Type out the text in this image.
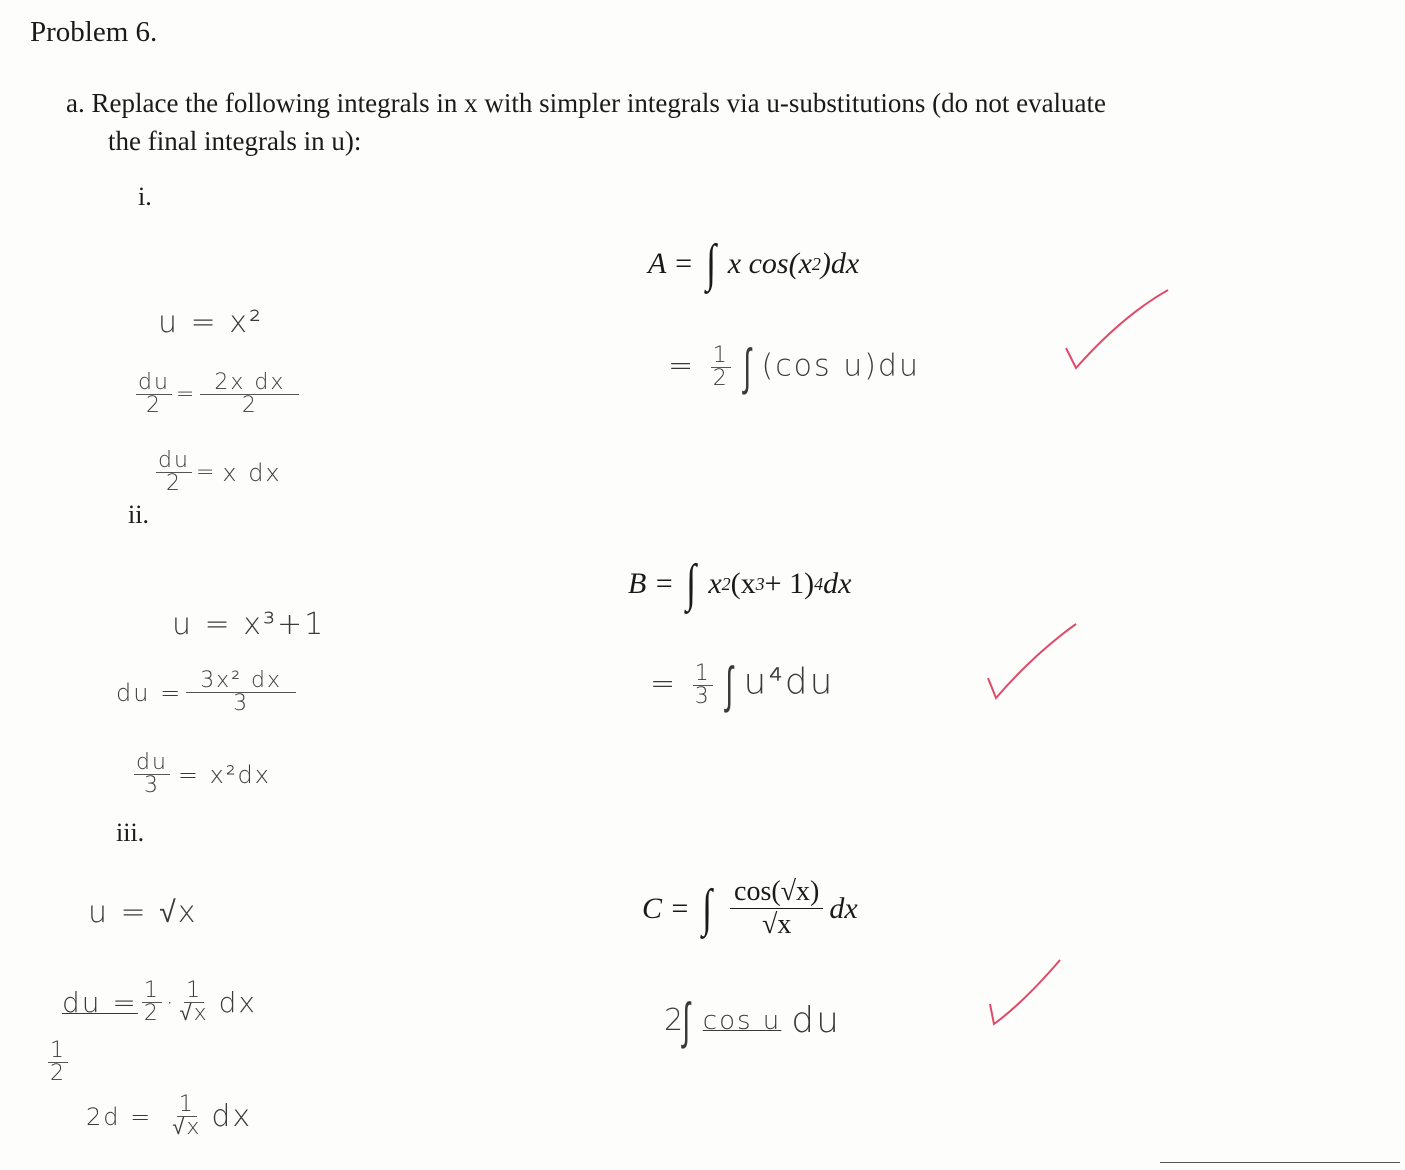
Problem 6.
a. Replace the following integrals in x with simpler integrals via u-substitutions (do not evaluate
the final integrals in u):
i.
A = ∫ x cos(x 2 )dx
= $\frac{1}{2}$ ∫ (cos u)du
u = x²
$\frac{du}{2} = \frac{\text{2x dx}}{2}$
$\frac{du}{2} = x$ dx
ii.
B = ∫ x 2 (x 3 + 1) 4 dx
= $\frac{1}{3}$ ∫ u⁴du
u = x³+1
du = $\frac{\text{3x² dx}}{3}$
$\frac{du}{3} = x^2dx$
iii.
C = ∫ $\frac{\cos(√x)}{√x}$ dx
2
∫ cos u du
u = √x
du = $\frac{1}{2} \cdot 1$
√x dx
$\frac{1}{2}$
$2d = \frac{1}{√x}$ dx
